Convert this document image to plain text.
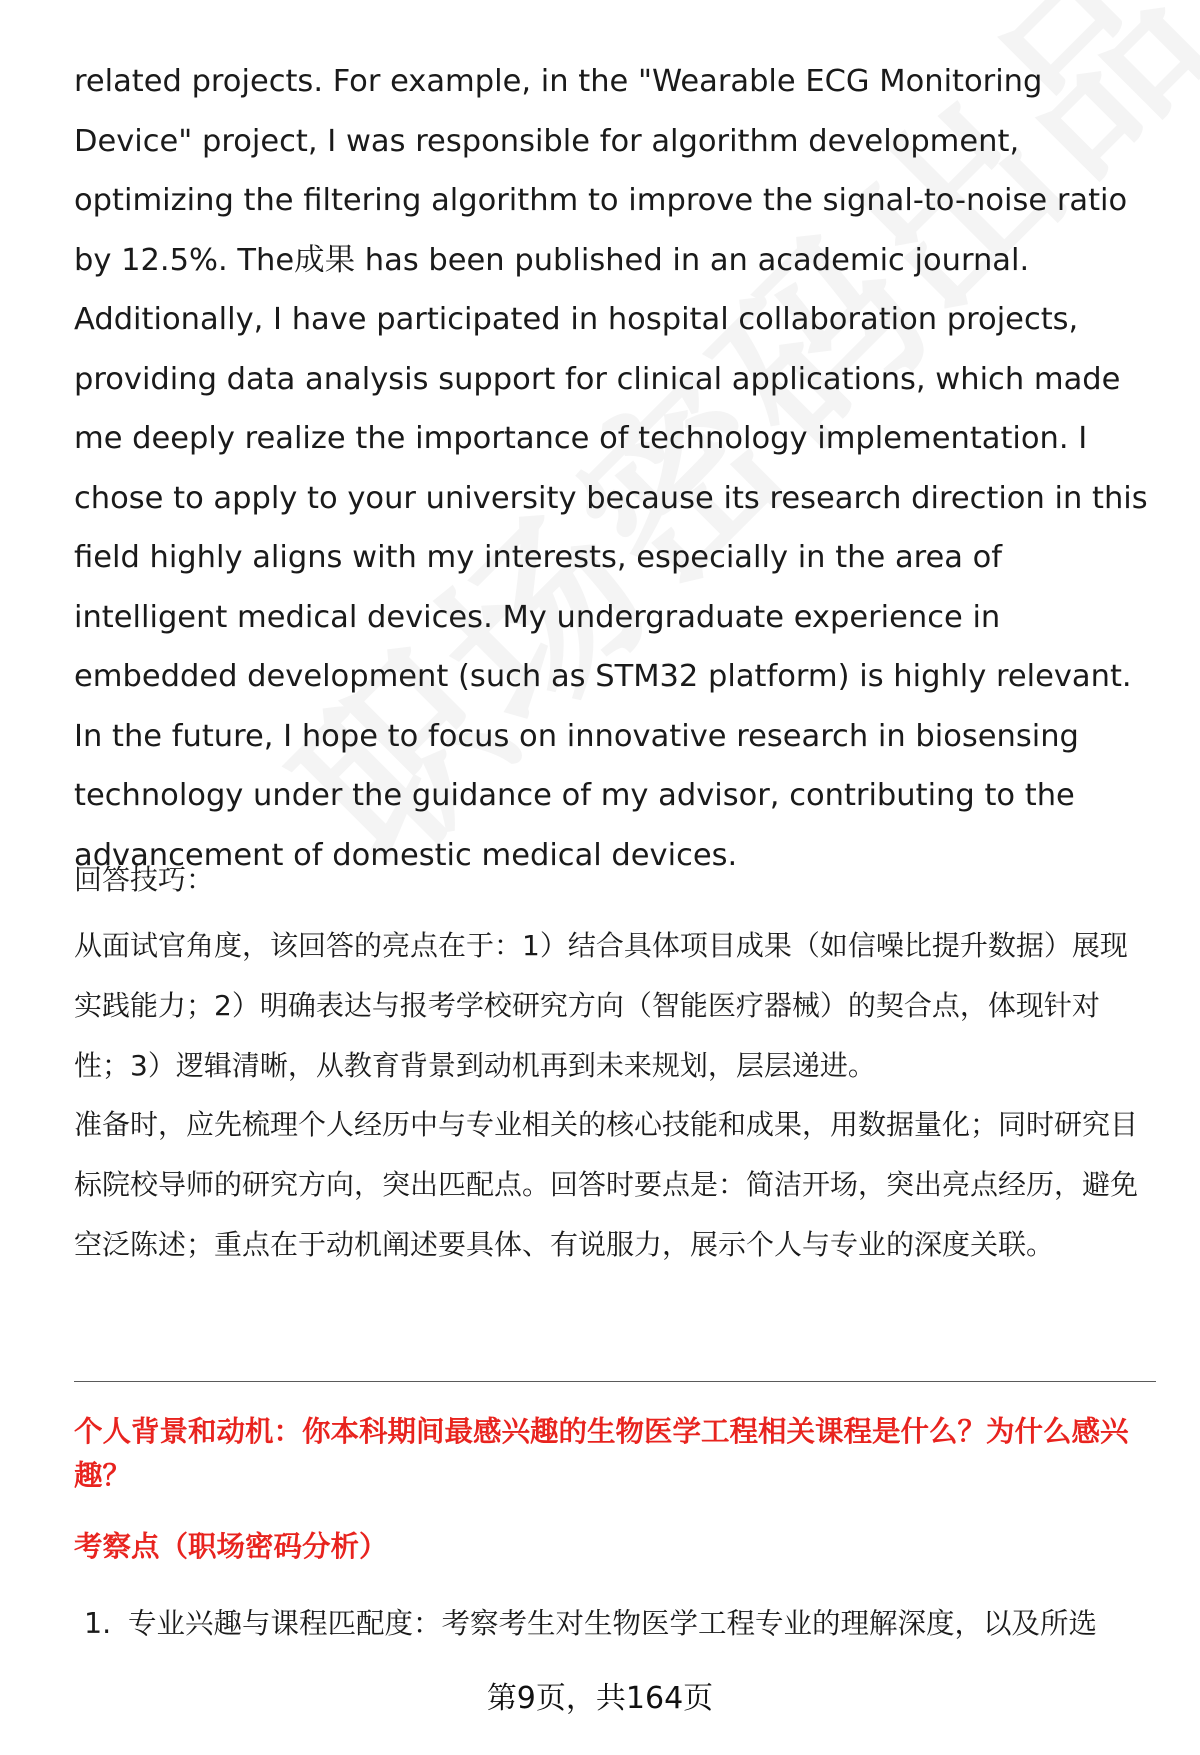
related projects. For example, in the "Wearable ECG Monitoring Device" project, I was responsible for algorithm development, optimizing the filtering algorithm to improve the signal-to-noise ratio by 12.5%. The成果 has been published in an academic journal. Additionally, I have participated in hospital collaboration projects, providing data analysis support for clinical applications, which made me deeply realize the importance of technology implementation. I chose to apply to your university because its research direction in this field highly aligns with my interests, especially in the area of intelligent medical devices. My undergraduate experience in embedded development (such as STM32 platform) is highly relevant. In the future, I hope to focus on innovative research in biosensing technology under the guidance of my advisor, contributing to the advancement of domestic medical devices.

回答技巧：

从面试官角度，该回答的亮点在于：1）结合具体项目成果（如信噪比提升数据）展现实践能力；2）明确表达与报考学校研究方向（智能医疗器械）的契合点，体现针对性；3）逻辑清晰，从教育背景到动机再到未来规划，层层递进。

准备时，应先梳理个人经历中与专业相关的核心技能和成果，用数据量化；同时研究目标院校导师的研究方向，突出匹配点。回答时要点是：简洁开场，突出亮点经历，避免空泛陈述；重点在于动机阐述要具体、有说服力，展示个人与专业的深度关联。

个人背景和动机：你本科期间最感兴趣的生物医学工程相关课程是什么？为什么感兴趣？

考察点（职场密码分析）

1. 专业兴趣与课程匹配度：考察考生对生物医学工程专业的理解深度，以及所选

第9页，共164页
